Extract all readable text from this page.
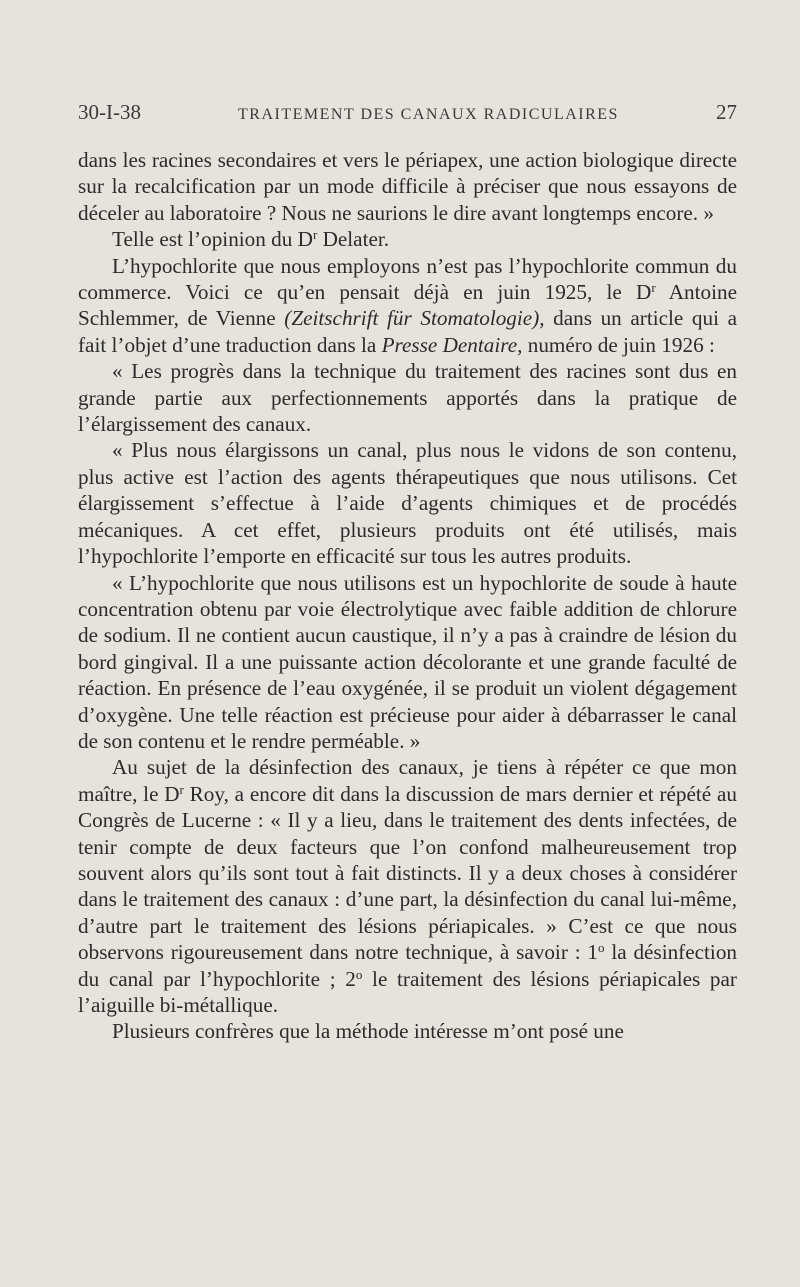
30-I-38	TRAITEMENT DES CANAUX RADICULAIRES	27

dans les racines secondaires et vers le périapex, une action biologique directe sur la recalcification par un mode difficile à préciser que nous essayons de déceler au laboratoire ? Nous ne saurions le dire avant longtemps encore. »

Telle est l’opinion du $D^r$ Delater.

L’hypochlorite que nous employons n’est pas l’hypochlorite commun du commerce. Voici ce qu’en pensait déjà en juin 1925, le $D^r$ Antoine Schlemmer, de Vienne (Zeitschrift für Stomatologie), dans un article qui a fait l’objet d’une traduction dans la Presse Dentaire, numéro de juin 1926 :

« Les progrès dans la technique du traitement des racines sont dus en grande partie aux perfectionnements apportés dans la pratique de l’élargissement des canaux.

« Plus nous élargissons un canal, plus nous le vidons de son contenu, plus active est l’action des agents thérapeutiques que nous utilisons. Cet élargissement s’effectue à l’aide d’agents chimiques et de procédés mécaniques. A cet effet, plusieurs produits ont été utilisés, mais l’hypochlorite l’emporte en efficacité sur tous les autres produits.

« L’hypochlorite que nous utilisons est un hypochlorite de soude à haute concentration obtenu par voie électrolytique avec faible addition de chlorure de sodium. Il ne contient aucun caustique, il n’y a pas à craindre de lésion du bord gingival. Il a une puissante action décolorante et une grande faculté de réaction. En présence de l’eau oxygénée, il se produit un violent dégagement d’oxygène. Une telle réaction est précieuse pour aider à débarrasser le canal de son contenu et le rendre perméable. »

Au sujet de la désinfection des canaux, je tiens à répéter ce que mon maître, le $D^r$ Roy, a encore dit dans la discussion de mars dernier et répété au Congrès de Lucerne : « Il y a lieu, dans le traitement des dents infectées, de tenir compte de deux facteurs que l’on confond malheureusement trop souvent alors qu’ils sont tout à fait distincts. Il y a deux choses à considérer dans le traitement des canaux : d’une part, la désinfection du canal lui-même, d’autre part le traitement des lésions périapicales. » C’est ce que nous observons rigoureusement dans notre technique, à savoir : 1$^o$ la désinfection du canal par l’hypochlorite ; 2$^o$ le traitement des lésions périapicales par l’aiguille bi-métallique.

Plusieurs confrères que la méthode intéresse m’ont posé une
